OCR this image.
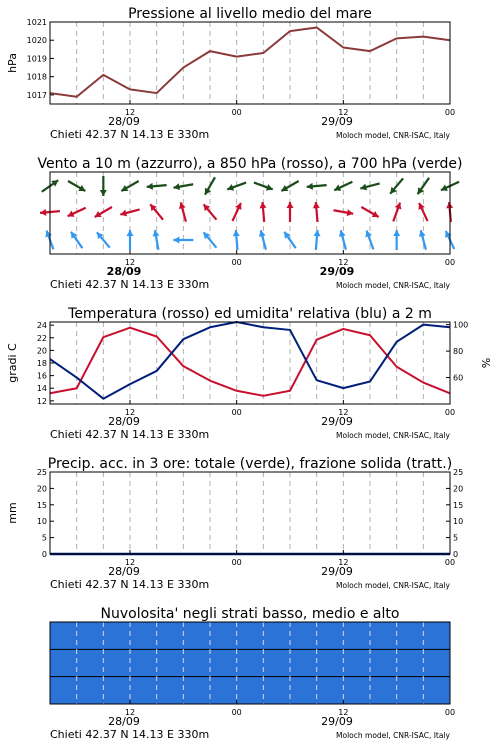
Pressione al livello medio del mare
1017
1018
1019
1020
1021
hPa
12	00	12	00
28/09	29/09
Chieti 42.37 N 14.13 E 330m	Moloch model, CNR-ISAC, Italy
Vento a 10 m (azzurro), a 850 hPa (rosso), a 700 hPa (verde)
12	00	12	00
28/09	29/09
Chieti 42.37 N 14.13 E 330m	Moloch model, CNR-ISAC, Italy
Temperatura (rosso) ed umidita' relativa (blu) a 2 m
12
14
16
18
20
22
24
gradi C	60
80
100
%
12	00	12	00
28/09	29/09
Chieti 42.37 N 14.13 E 330m	Moloch model, CNR-ISAC, Italy
Precip. acc. in 3 ore: totale (verde), frazione solida (tratt.)
0
5
10
15
20
25
mm
0
5
10
15
20
25
12	00	12	00
28/09	29/09
Chieti 42.37 N 14.13 E 330m	Moloch model, CNR-ISAC, Italy
Nuvolosita' negli strati basso, medio e alto
12	00	12	00
28/09	29/09
Chieti 42.37 N 14.13 E 330m	Moloch model, CNR-ISAC, Italy
